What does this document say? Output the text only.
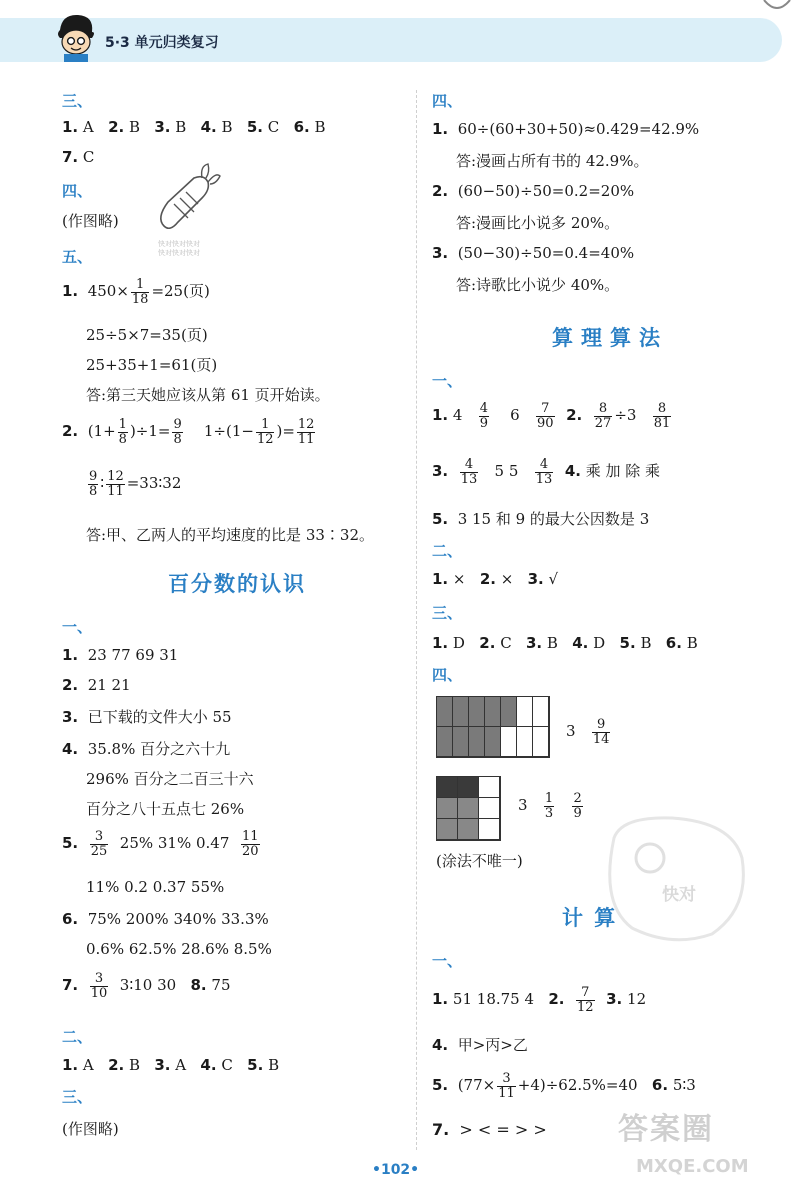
5·3 单元归类复习
三、
1. A 2. B 3. B 4. B 5. C 6. B
7. C
四、
(作图略)
快对快对快对
快对快对快对
五、
1. $450\times \frac{1}{18} =25$(页)
25÷5×7=35(页)
25+35+1=61(页)
答:第三天她应该从第 61 页开始读。
2. $(1+ \frac{1}{8} )\div 1= \frac{9}{8} 1\div(1- \frac{1}{12}$ )= $\frac{12}{11}$
$\frac{9}{8}$ ∶ $\frac{12}{11}$ =33∶32
答:甲、乙两人的平均速度的比是 33∶32。
百分数的认识
一、
1. 23 77 69 31
2. 21 21
3. 已下载的文件大小 55
4. 35.8% 百分之六十九
296% 百分之二百三十六
百分之八十五点七 26%
5. $\frac{3}{25} 25\%$ 31% $0.47 \frac{11}{20}$
11% 0.2 0.37 55%
6. 75% 200% 340% 33.3%
0.6% 62.5% 28.6% 8.5%
7. $\frac{3}{10}$ 3∶10 30 8. 75
二、
1. A 2. B 3. A 4. C 5. B
三、
(作图略)
四、
1. 60÷(60+30+50)≈0.429=42.9%
答:漫画占所有书的 42.9%。
2. (60−50)÷50=0.2=20%
答:漫画比小说多 20%。
3. (50−30)÷50=0.4=40%
答:诗歌比小说少 40%。
算理算法
一、
1. $4 \frac{4}{9} 6 \frac{7}{90} 2$. $\frac{8}{27} \div 3 \frac{8}{81}$
3. $\frac{4}{13} 5$ $5 \frac{4}{13} 4$. 乘 加 除 乘
5. 3 15 和 9 的最大公因数是 3
二、
1. × 2. × 3. √
三、
1. D 2. C 3. B 4. D 5. B 6. B
四、
$3 \frac{9}{14}$
$3 \frac{1}{3}$
$\frac{2}{9}$
(涂法不唯一)
快对
计 算
一、
1. 51 18.75 4 2. $\frac{7}{12} 3$. 12
4. 甲>丙>乙
5. $(77\times \frac{3}{11} +4)\div 62.5\%=40$ 6. 5∶3
7. > < = > > 答案圈
MXQE.COM
•102•
